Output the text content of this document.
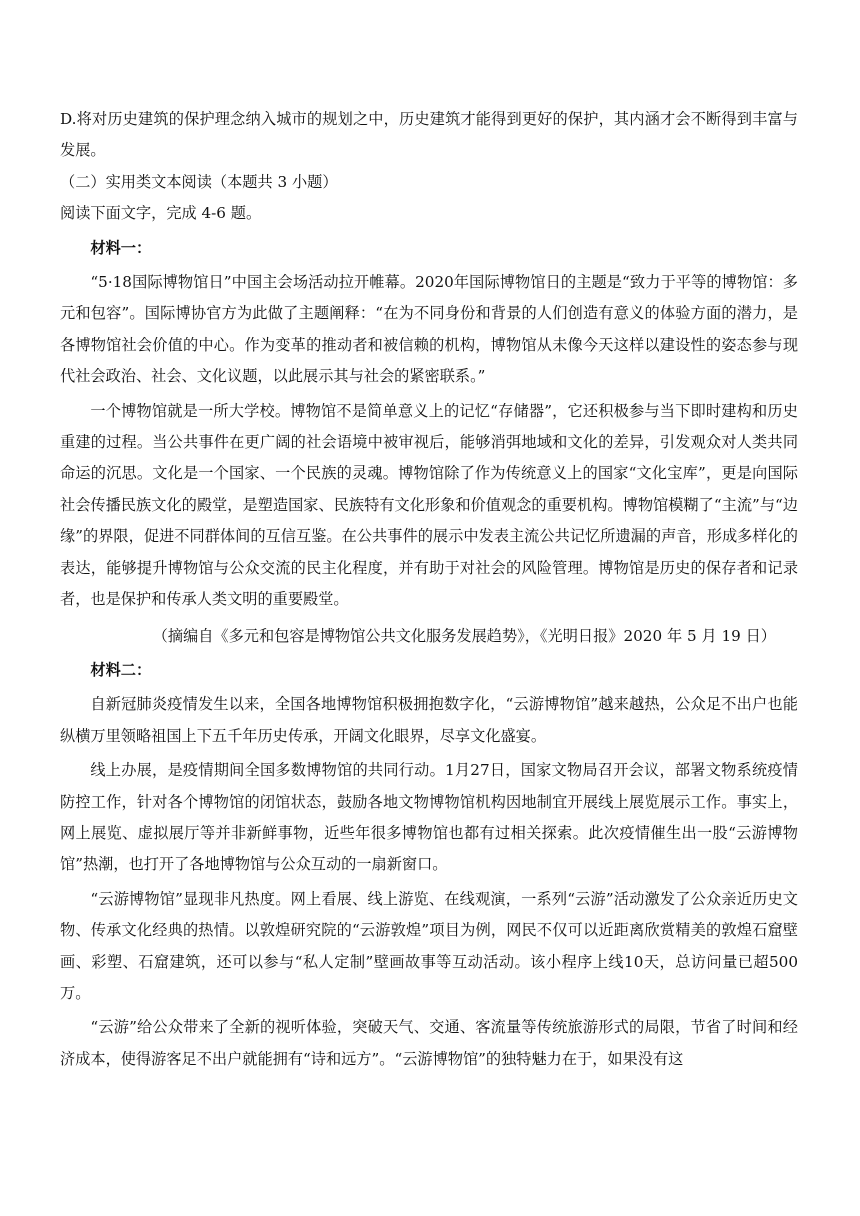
D.将对历史建筑的保护理念纳入城市的规划之中，历史建筑才能得到更好的保护，其内涵才会不断得到丰富与发展。

（二）实用类文本阅读（本题共 3 小题）

阅读下面文字，完成 4-6 题。

材料一：

“5·18国际博物馆日”中国主会场活动拉开帷幕。2020年国际博物馆日的主题是“致力于平等的博物馆：多元和包容”。国际博协官方为此做了主题阐释：“在为不同身份和背景的人们创造有意义的体验方面的潜力，是各博物馆社会价值的中心。作为变革的推动者和被信赖的机构，博物馆从未像今天这样以建设性的姿态参与现代社会政治、社会、文化议题，以此展示其与社会的紧密联系。”

一个博物馆就是一所大学校。博物馆不是简单意义上的记忆“存储器”，它还积极参与当下即时建构和历史重建的过程。当公共事件在更广阔的社会语境中被审视后，能够消弭地域和文化的差异，引发观众对人类共同命运的沉思。文化是一个国家、一个民族的灵魂。博物馆除了作为传统意义上的国家“文化宝库”，更是向国际社会传播民族文化的殿堂，是塑造国家、民族特有文化形象和价值观念的重要机构。博物馆模糊了“主流”与“边缘”的界限，促进不同群体间的互信互鉴。在公共事件的展示中发表主流公共记忆所遗漏的声音，形成多样化的表达，能够提升博物馆与公众交流的民主化程度，并有助于对社会的风险管理。博物馆是历史的保存者和记录者，也是保护和传承人类文明的重要殿堂。

（摘编自《多元和包容是博物馆公共文化服务发展趋势》，《光明日报》2020 年 5 月 19 日）

材料二：

自新冠肺炎疫情发生以来，全国各地博物馆积极拥抱数字化，“云游博物馆”越来越热，公众足不出户也能纵横万里领略祖国上下五千年历史传承，开阔文化眼界，尽享文化盛宴。

线上办展，是疫情期间全国多数博物馆的共同行动。1月27日，国家文物局召开会议，部署文物系统疫情防控工作，针对各个博物馆的闭馆状态，鼓励各地文物博物馆机构因地制宜开展线上展览展示工作。事实上，网上展览、虚拟展厅等并非新鲜事物，近些年很多博物馆也都有过相关探索。此次疫情催生出一股“云游博物馆”热潮，也打开了各地博物馆与公众互动的一扇新窗口。

“云游博物馆”显现非凡热度。网上看展、线上游览、在线观演，一系列“云游”活动激发了公众亲近历史文物、传承文化经典的热情。以敦煌研究院的“云游敦煌”项目为例，网民不仅可以近距离欣赏精美的敦煌石窟壁画、彩塑、石窟建筑，还可以参与“私人定制”壁画故事等互动活动。该小程序上线10天，总访问量已超500万。

“云游”给公众带来了全新的视听体验，突破天气、交通、客流量等传统旅游形式的局限，节省了时间和经济成本，使得游客足不出户就能拥有“诗和远方”。“云游博物馆”的独特魅力在于，如果没有这
